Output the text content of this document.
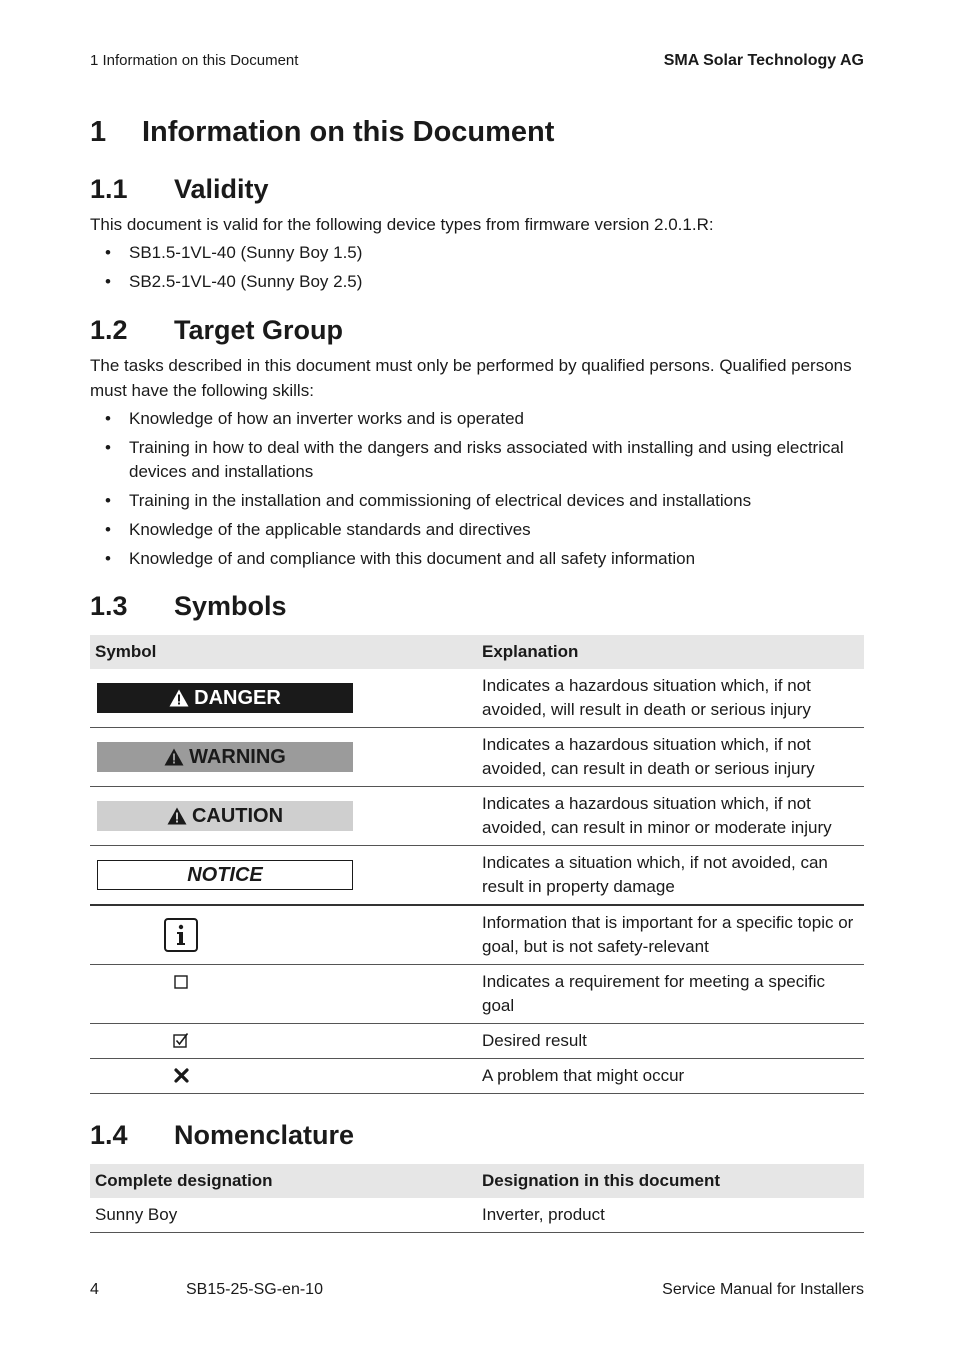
1 Information on this Document	SMA Solar Technology AG
1 Information on this Document
1.1 Validity

This document is valid for the following device types from firmware version 2.0.1.R:

• SB1.5-1VL-40 (Sunny Boy 1.5)
• SB2.5-1VL-40 (Sunny Boy 2.5)
1.2 Target Group

The tasks described in this document must only be performed by qualified persons. Qualified persons must have the following skills:

• Knowledge of how an inverter works and is operated
• Training in how to deal with the dangers and risks associated with installing and using electrical devices and installations
• Training in the installation and commissioning of electrical devices and installations
• Knowledge of the applicable standards and directives
• Knowledge of and compliance with this document and all safety information
1.3 Symbols
Symbol	Explanation

DANGER	Indicates a hazardous situation which, if not avoided, will result in death or serious injury

WARNING	Indicates a hazardous situation which, if not avoided, can result in death or serious injury

CAUTION	Indicates a hazardous situation which, if not avoided, can result in minor or moderate injury

NOTICE	Indicates a situation which, if not avoided, can result in property damage

	Information that is important for a specific topic or goal, but is not safety-relevant

	Indicates a requirement for meeting a specific goal

	Desired result

	A problem that might occur
1.4 Nomenclature
Complete designation	Designation in this document
Sunny Boy	Inverter, product
4	SB15-25-SG-en-10	Service Manual for Installers
